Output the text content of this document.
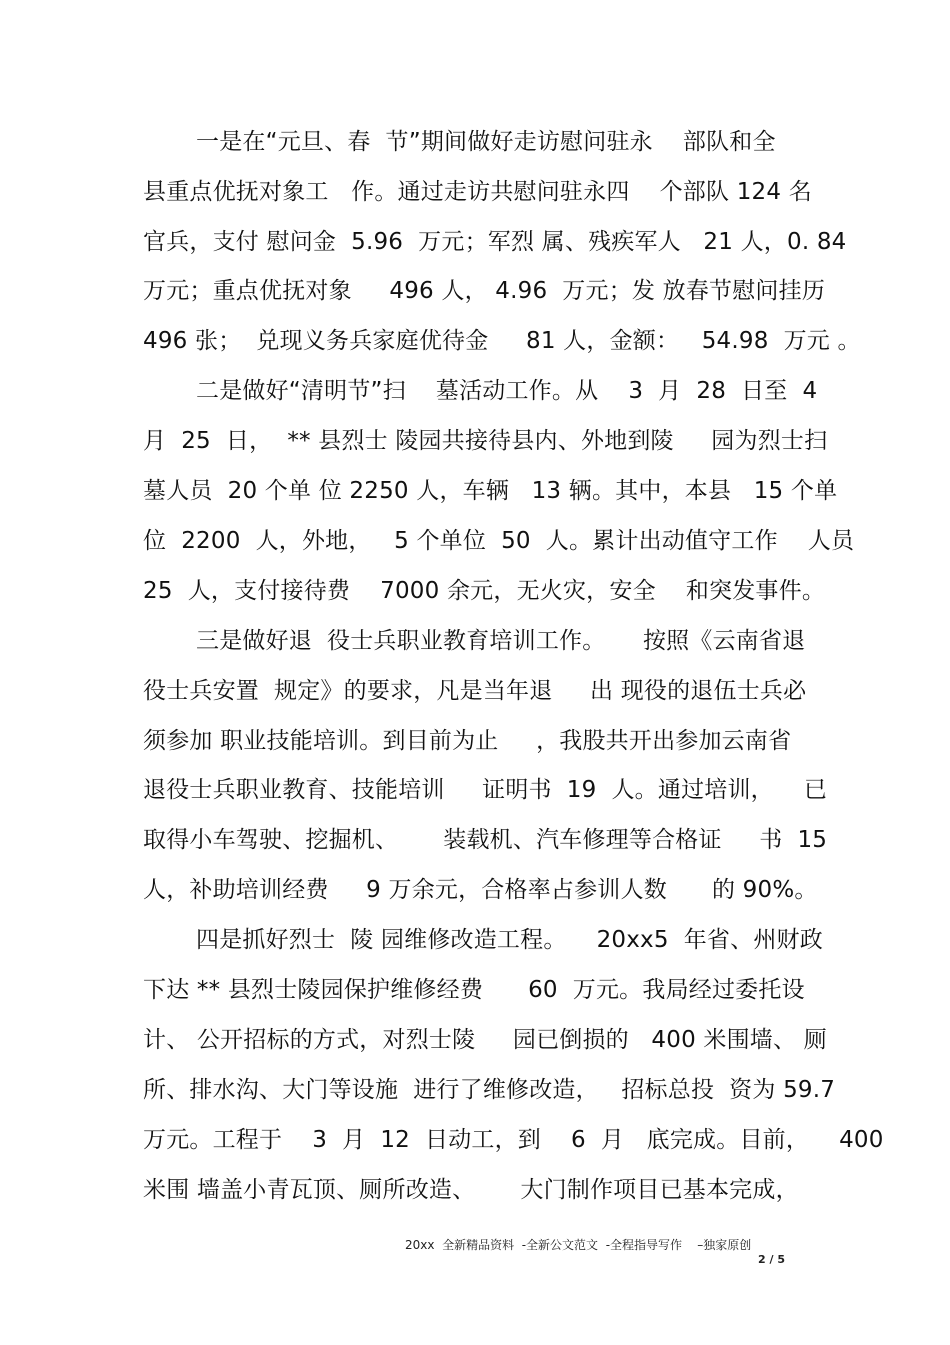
一是在“元旦、春  节”期间做好走访慰问驻永    部队和全
县重点优抚对象工   作。通过走访共慰问驻永四    个部队 124 名
官兵，支付 慰问金  5.96  万元；军烈 属、残疾军人   21 人，0. 84
万元；重点优抚对象     496 人， 4.96  万元；发 放春节慰问挂历
496 张；  兑现义务兵家庭优待金     81 人，金额：   54.98  万元 。
二是做好“清明节”扫    墓活动工作。从    3  月  28  日至  4
月  25  日，  ** 县烈士 陵园共接待县内、外地到陵     园为烈士扫
墓人员  20 个单 位 2250 人，车辆   13 辆。其中，本县   15 个单
位  2200  人，外地，   5 个单位  50  人。累计出动值守工作    人员
25  人，支付接待费    7000 余元，无火灾，安全    和突发事件。
三是做好退  役士兵职业教育培训工作。     按照《云南省退
役士兵安置  规定》的要求，凡是当年退     出 现役的退伍士兵必
须参加 职业技能培训。到目前为止     ，我股共开出参加云南省
退役士兵职业教育、技能培训     证明书  19  人。通过培训，    已
取得小车驾驶、挖掘机、      装载机、汽车修理等合格证     书  15
人，补助培训经费     9 万余元，合格率占参训人数      的 90%。
四是抓好烈士  陵 园维修改造工程。    20xx5  年省、州财政
下达 ** 县烈士陵园保护维修经费      60  万元。我局经过委托设
计、 公开招标的方式，对烈士陵     园已倒损的   400 米围墙、 厕
所、排水沟、大门等设施  进行了维修改造，   招标总投  资为 59.7
万元。工程于    3  月  12  日动工，到    6  月   底完成。目前，    400
米围 墙盖小青瓦顶、厕所改造、      大门制作项目已基本完成，
20xx  全新精品资料  -全新公文范文  -全程指导写作    –独家原创
2 / 5
